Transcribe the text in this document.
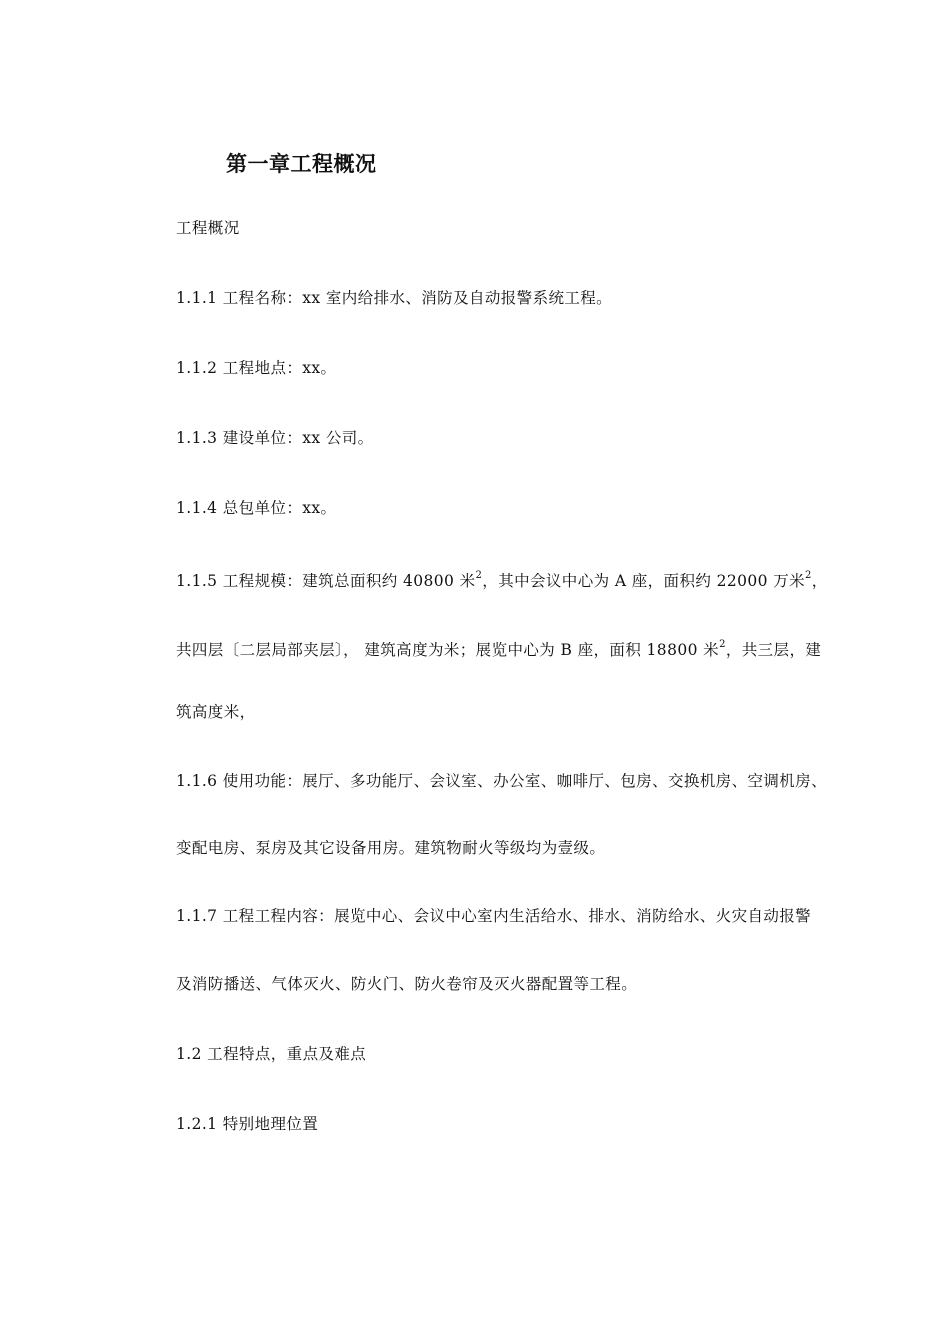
第一章工程概况
工程概况
1.1.1 工程名称：xx 室内给排水、消防及自动报警系统工程。
1.1.2 工程地点：xx。
1.1.3 建设单位：xx 公司。
1.1.4 总包单位：xx。
1.1.5 工程规模：建筑总面积约 40800 米$^2$，其中会议中心为 A 座，面积约 22000 万米$^2$，
共四层〔二层局部夹层〕， 建筑高度为米；展览中心为 B 座，面积 18800 米$^2$，共三层，建
筑高度米，
1.1.6 使用功能：展厅、多功能厅、会议室、办公室、咖啡厅、包房、交换机房、空调机房、
变配电房、泵房及其它设备用房。建筑物耐火等级均为壹级。
1.1.7 工程工程内容：展览中心、会议中心室内生活给水、排水、消防给水、火灾自动报警
及消防播送、气体灭火、防火门、防火卷帘及灭火器配置等工程。
1.2 工程特点，重点及难点
1.2.1 特别地理位置
